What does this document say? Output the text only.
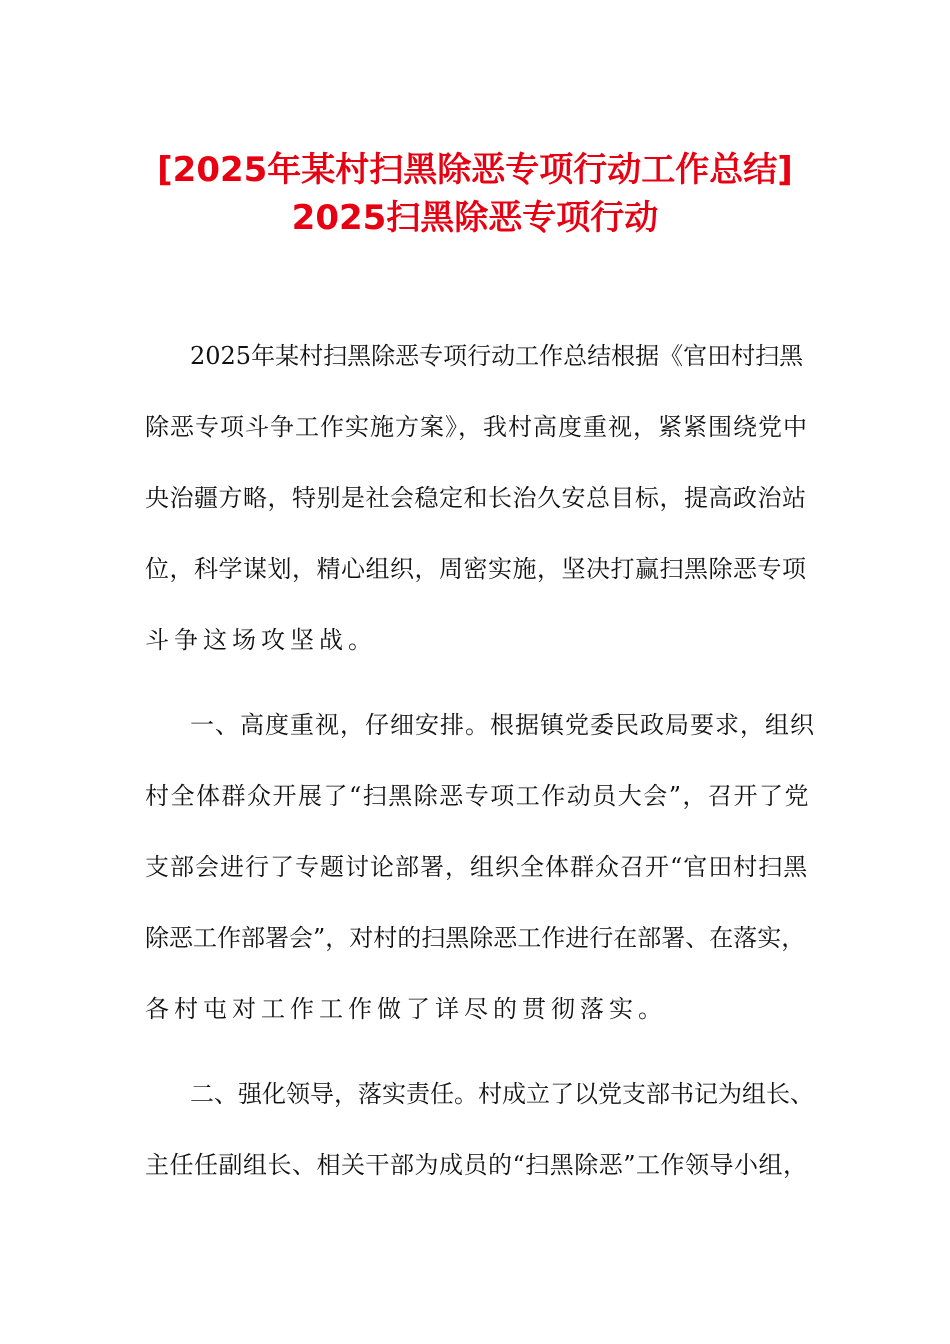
[2025年某村扫黑除恶专项行动工作总结]
2025扫黑除恶专项行动
2025年某村扫黑除恶专项行动工作总结根据《官田村扫黑
除恶专项斗争工作实施方案》，我村高度重视，紧紧围绕党中
央治疆方略，特别是社会稳定和长治久安总目标，提高政治站
位，科学谋划，精心组织，周密实施，坚决打赢扫黑除恶专项
斗争这场攻坚战。
一、高度重视，仔细安排。根据镇党委民政局要求，组织
村全体群众开展了“扫黑除恶专项工作动员大会”，召开了党
支部会进行了专题讨论部署，组织全体群众召开“官田村扫黑
除恶工作部署会”，对村的扫黑除恶工作进行在部署、在落实，
各村屯对工作工作做了详尽的贯彻落实。
二、强化领导，落实责任。村成立了以党支部书记为组长、
主任任副组长、相关干部为成员的“扫黑除恶”工作领导小组，
